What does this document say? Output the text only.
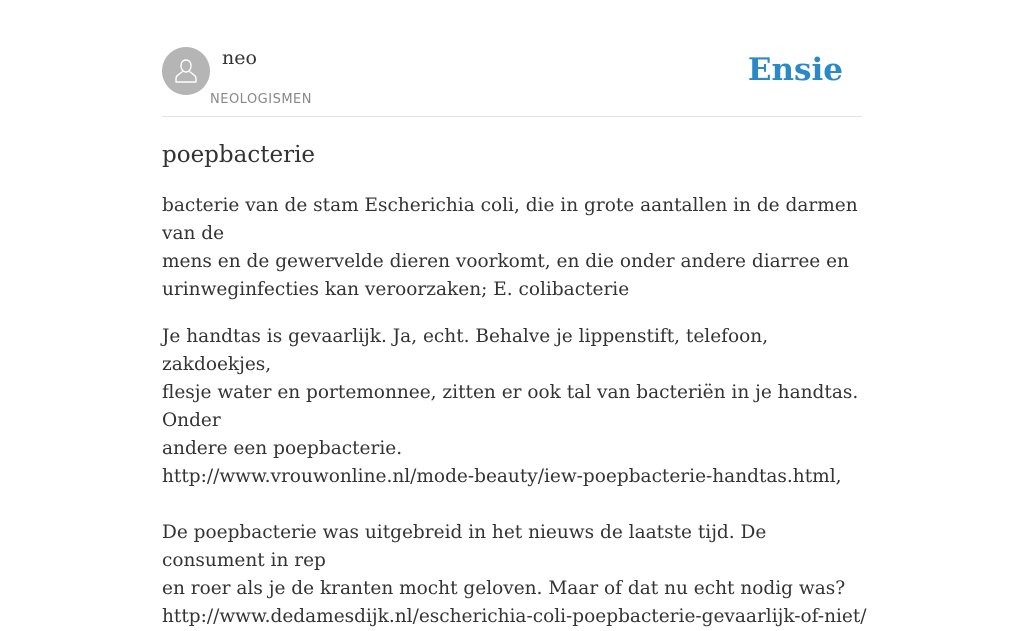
neo
NEOLOGISMEN
Ensie
poepbacterie

bacterie van de stam Escherichia coli, die in grote aantallen in de darmen van de
mens en de gewervelde dieren voorkomt, en die onder andere diarree en
urinweginfecties kan veroorzaken; E. colibacterie

Je handtas is gevaarlijk. Ja, echt. Behalve je lippenstift, telefoon, zakdoekjes,
flesje water en portemonnee, zitten er ook tal van bacteriën in je handtas. Onder
andere een poepbacterie.
http://www.vrouwonline.nl/mode-beauty/iew-poepbacterie-handtas.html,
De poepbacterie was uitgebreid in het nieuws de laatste tijd. De consument in rep
en roer als je de kranten mocht geloven. Maar of dat nu echt nodig was?
http://www.dedamesdijk.nl/escherichia-coli-poepbacterie-gevaarlijk-of-niet/
